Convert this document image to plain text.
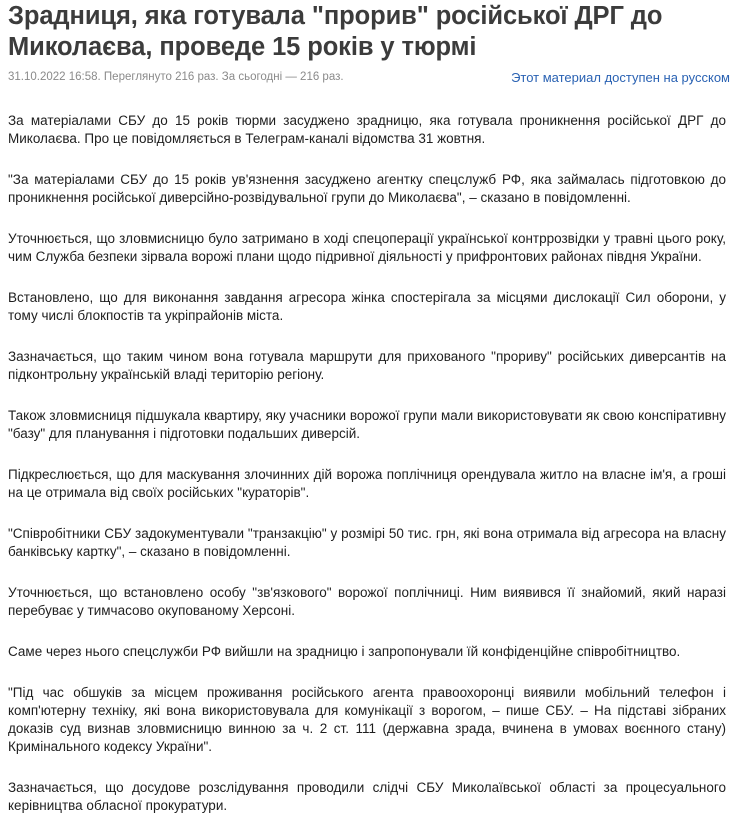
Зрадниця, яка готувала "прорив" російської ДРГ до Миколаєва, проведе 15 років у тюрмі
31.10.2022 16:58. Переглянуто 216 раз. За сьогодні — 216 раз.	Этот материал доступен на русском

За матеріалами СБУ до 15 років тюрми засуджено зрадницю, яка готувала проникнення російської ДРГ до Миколаєва. Про це повідомляється в Телеграм-каналі відомства 31 жовтня.

"За матеріалами СБУ до 15 років ув'язнення засуджено агентку спецслужб РФ, яка займалась підготовкою до проникнення російської диверсійно-розвідувальної групи до Миколаєва", – сказано в повідомленні.

Уточнюється, що зловмисницю було затримано в ході спецоперації української контррозвідки у травні цього року, чим Служба безпеки зірвала ворожі плани щодо підривної діяльності у прифронтових районах півдня України.

Встановлено, що для виконання завдання агресора жінка спостерігала за місцями дислокації Сил оборони, у тому числі блокпостів та укріпрайонів міста.

Зазначається, що таким чином вона готувала маршрути для прихованого "прориву" російських диверсантів на підконтрольну українській владі територію регіону.

Також зловмисниця підшукала квартиру, яку учасники ворожої групи мали використовувати як свою конспіративну "базу" для планування і підготовки подальших диверсій.

Підкреслюється, що для маскування злочинних дій ворожа поплічниця орендувала житло на власне ім'я, а гроші на це отримала від своїх російських "кураторів".

"Співробітники СБУ задокументували "транзакцію" у розмірі 50 тис. грн, які вона отримала від агресора на власну банківську картку", – сказано в повідомленні.

Уточнюється, що встановлено особу "зв'язкового" ворожої поплічниці. Ним виявився її знайомий, який наразі перебуває у тимчасово окупованому Херсоні.

Саме через нього спецслужби РФ вийшли на зрадницю і запропонували їй конфіденційне співробітництво.

"Під час обшуків за місцем проживання російського агента правоохоронці виявили мобільний телефон і комп'ютерну техніку, які вона використовувала для комунікації з ворогом, – пише СБУ. – На підставі зібраних доказів суд визнав зловмисницю винною за ч. 2 ст. 111 (державна зрада, вчинена в умовах воєнного стану) Кримінального кодексу України".

Зазначається, що досудове розслідування проводили слідчі СБУ Миколаївської області за процесуального керівництва обласної прокуратури.
